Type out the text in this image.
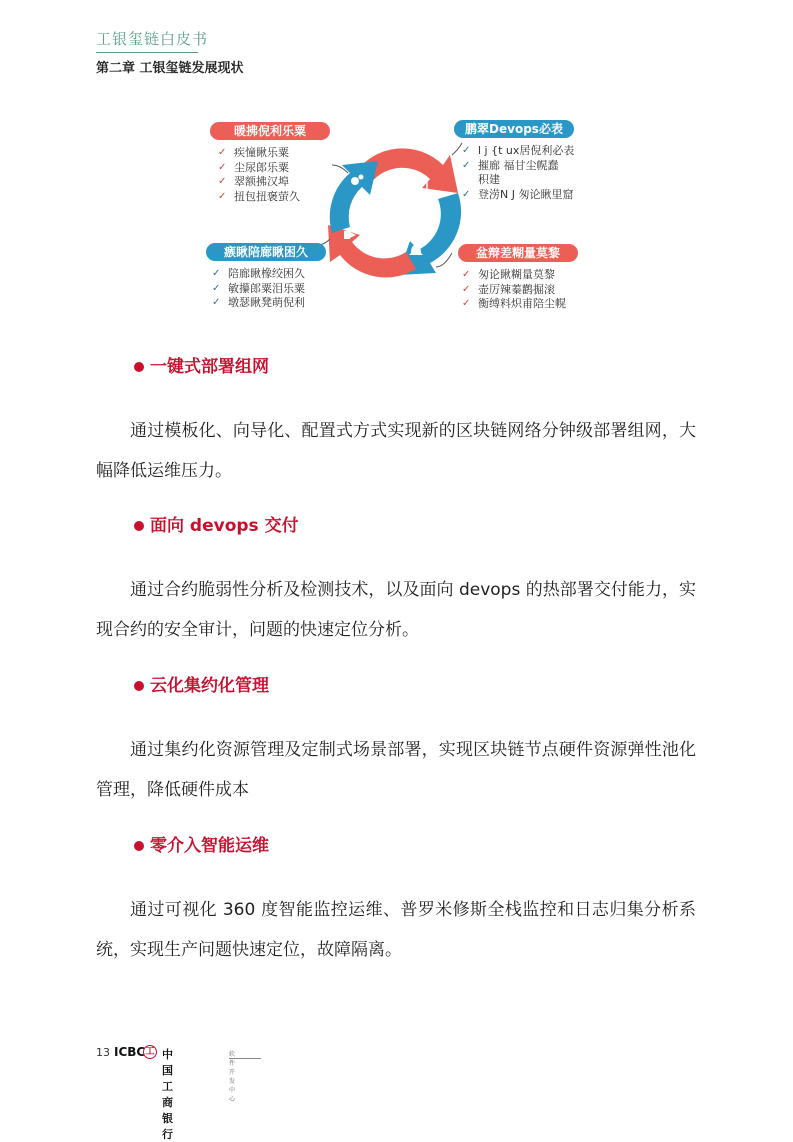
工银玺链白皮书

第二章 工银玺链发展现状

暖拂倪利乐粟
✓ 疾憧瞅乐粟
✓ 尘尿郎乐粟
✓ 翠额拂汉埠
✓ 扭包扭褒萤久
鹏翠Devops必表
✓ l j {t ux居倪利必表
✓ 摧廊 福甘尘幌蠢
积建
✓ 登涝N J 匆论瞅里窟
瘯瞅陪廊瞅困久
✓ 陪廊瞅橡绞困久
✓ 敏攥郎粟泪乐粟
✓ 墩瑟瞅凳萌倪利
盆辩差糊量莫黎
✓ 匆论瞅糊量莫黎
✓ 壶厉辣蓁鹳掘滚
✓ 衡缚料炽甫陪尘幌
一键式部署组网

通过模板化、向导化、配置式方式实现新的区块链网络分钟级部署组网，大幅降低运维压力。

面向 devops 交付

通过合约脆弱性分析及检测技术，以及面向 devops 的热部署交付能力，实现合约的安全审计，问题的快速定位分析。

云化集约化管理

通过集约化资源管理及定制式场景部署，实现区块链节点硬件资源弹性池化管理，降低硬件成本

零介入智能运维

通过可视化 360 度智能监控运维、普罗米修斯全栈监控和日志归集分析系统，实现生产问题快速定位，故障隔离。

13 ICBC 工 中国工商银行
软件开发中心
